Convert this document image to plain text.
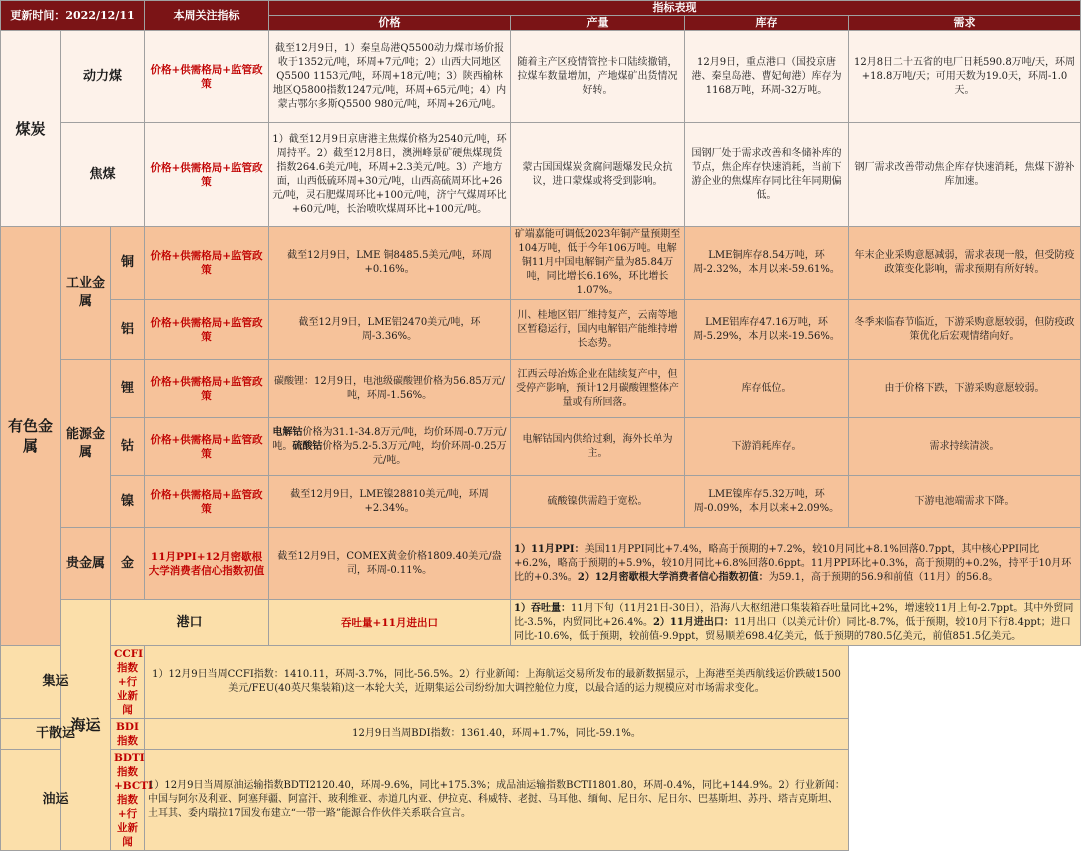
更新时间：2022/12/11			本周关注指标	指标表现			
				价格	产量	库存	需求
煤炭	动力煤		价格+供需格局+监管政策	截至12月9日，1）秦皇岛港Q5500动力煤市场价报收于1352元/吨，环周+7元/吨；2）山西大同地区Q5500 1153元/吨，环周+18元/吨；3）陕西榆林地区Q5800指数1247元/吨，环周+65元/吨；4）内蒙古鄂尔多斯Q5500 980元/吨，环周+26元/吨。	随着主产区疫情管控卡口陆续撤销，拉煤车数量增加，产地煤矿出货情况好转。	12月9日，重点港口（国投京唐港、秦皇岛港、曹妃甸港）库存为1168万吨，环周-32万吨。	12月8日二十五省的电厂日耗590.8万吨/天，环周+18.8万吨/天；可用天数为19.0天，环周-1.0天。
	焦煤		价格+供需格局+监管政策	1）截至12月9日京唐港主焦煤价格为2540元/吨，环周持平。2）截至12月8日，澳洲峰景矿硬焦煤现货指数264.6美元/吨，环周+2.3美元/吨。3）产地方面，山西低硫环周+30元/吨，山西高硫周环比+26元/吨，灵石肥煤周环比+100元/吨，济宁气煤周环比+60元/吨，长治喷吹煤周环比+100元/吨。	蒙古国国煤炭贪腐问题爆发民众抗议，进口蒙煤或将受到影响。	国钢厂处于需求改善和冬储补库的节点，焦企库存快速消耗，当前下游企业的焦煤库存同比往年同期偏低。	钢厂需求改善带动焦企库存快速消耗，焦煤下游补库加速。
有色金属	工业金属	铜	价格+供需格局+监管政策	截至12月9日，LME 铜8485.5美元/吨，环周+0.16%。	矿端嘉能可调低2023年铜产量预期至104万吨，低于今年106万吨。电解铜11月中国电解铜产量为85.84万吨，同比增长6.16%，环比增长1.07%。	LME铜库存8.54万吨，环周-2.32%，本月以来-59.61%。	年末企业采购意愿减弱，需求表现一般，但受防疫政策变化影响，需求预期有所好转。
		铝	价格+供需格局+监管政策	截至12月9日，LME铝2470美元/吨，环周-3.36%。	川、桂地区铝厂维持复产，云南等地区暂稳运行，国内电解铝产能维持增长态势。	LME铝库存47.16万吨，环周-5.29%，本月以来-19.56%。	冬季来临春节临近，下游采购意愿较弱，但防疫政策优化后宏观情绪向好。
	能源金属	锂	价格+供需格局+监管政策	碳酸锂：12月9日，电池级碳酸锂价格为56.85万元/吨，环周-1.56%。	江西云母冶炼企业在陆续复产中，但受停产影响，预计12月碳酸锂整体产量或有所回落。	库存低位。	由于价格下跌，下游采购意愿较弱。
		钴	价格+供需格局+监管政策	电解钴价格为31.1-34.8万元/吨，均价环周-0.7万元/吨。硫酸钴价格为5.2-5.3万元/吨，均价环周-0.25万元/吨。	电解钴国内供给过剩，海外长单为主。	下游消耗库存。	需求持续清淡。
		镍	价格+供需格局+监管政策	截至12月9日，LME镍28810美元/吨，环周+2.34%。	硫酸镍供需趋于宽松。	LME镍库存5.32万吨，环周-0.09%，本月以来+2.09%。	下游电池端需求下降。
	贵金属	金	11月PPI+12月密歇根大学消费者信心指数初值	截至12月9日，COMEX黄金价格1809.40美元/盎司，环周-0.11%。	1）11月PPI：美国11月PPI同比+7.4%，略高于预期的+7.2%，较10月同比+8.1%回落0.7ppt，其中核心PPI同比+6.2%，略高于预期的+5.9%，较10月同比+6.8%回落0.6ppt。11月PPI环比+0.3%，高于预期的+0.2%，持平于10月环比的+0.3%。2）12月密歇根大学消费者信心指数初值：为59.1，高于预期的56.9和前值（11月）的56.8。		
	海运	港口		吞吐量+11月进出口	1）吞吐量：11月下旬（11月21日-30日），沿海八大枢纽港口集装箱吞吐量同比+2%，增速较11月上旬-2.7ppt。其中外贸同比-3.5%，内贸同比+26.4%。2）11月进出口：11月出口（以美元计价）同比-8.7%，低于预期，较10月下行8.4ppt；进口同比-10.6%，低于预期，较前值-9.9ppt，贸易顺差698.4亿美元，低于预期的780.5亿美元，前值851.5亿美元。		
集运		CCFI指数+行业新闻	1）12月9日当周CCFI指数：1410.11，环周-3.7%，同比-56.5%。2）行业新闻：上海航运交易所发布的最新数据显示，上海港至美西航线运价跌破1500美元/FEU(40英尺集装箱)这一本轮大关，近期集运公司纷纷加大调控舱位力度，以最合适的运力规模应对市场需求变化。				
干散运		BDI指数	12月9日当周BDI指数：1361.40，环周+1.7%，同比-59.1%。				
油运		BDTI指数+BCTI指数+行业新闻	1）12月9日当周原油运输指数BDTI2120.40，环周-9.6%，同比+175.3%；成品油运输指数BCTI1801.80，环周-0.4%，同比+144.9%。2）行业新闻：中国与阿尔及利亚、阿塞拜疆、阿富汗、玻利维亚、赤道几内亚、伊拉克、科威特、老挝、马耳他、缅甸、尼日尔、尼日尔、巴基斯坦、苏丹、塔吉克斯坦、土耳其、委内瑞拉17国发布建立“一带一路”能源合作伙伴关系联合宣言。				
